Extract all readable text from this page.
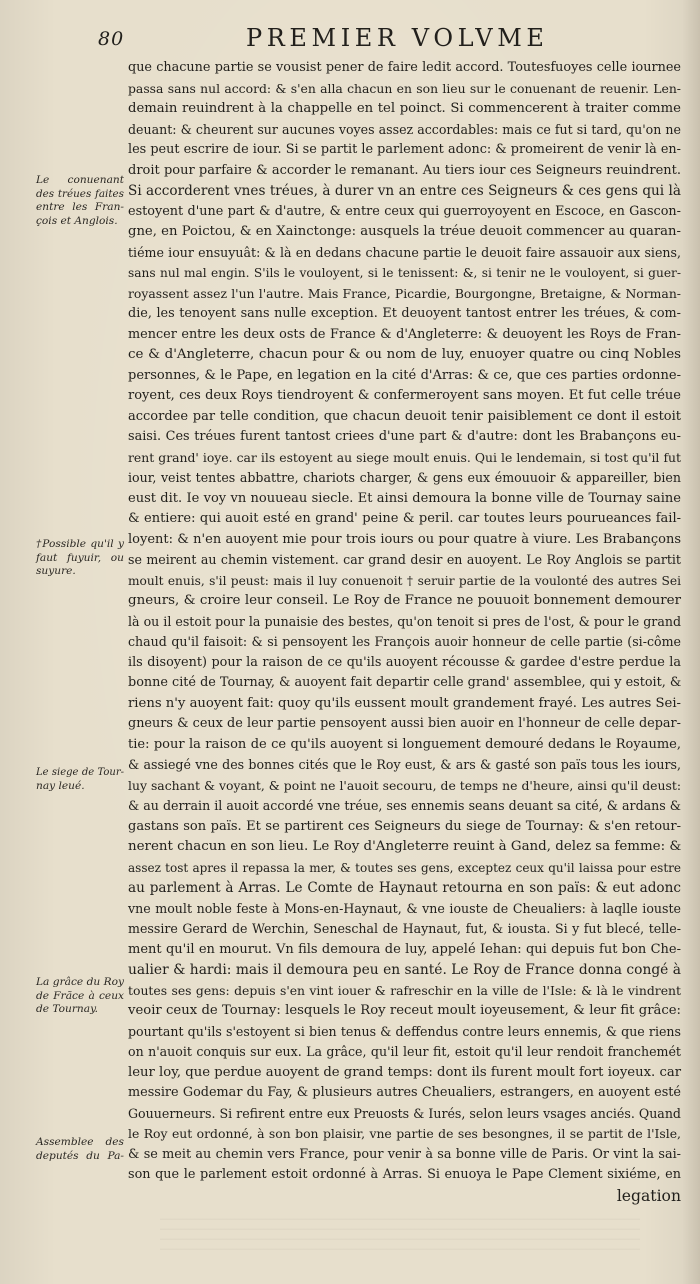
80	PREMIER VOLVME
que chacune partie se vousist pener de faire ledit accord. Toutesfuoyes celle iournee
passa sans nul accord: & s'en alla chacun en son lieu sur le conuenant de reuenir. Len-
demain reuindrent à la chappelle en tel poinct. Si commencerent à traiter comme
deuant: & cheurent sur aucunes voyes assez accordables: mais ce fut si tard, qu'on ne
les peut escrire de iour. Si se partit le parlement adonc: & promeirent de venir là en-
droit pour parfaire & accorder le remanant. Au tiers iour ces Seigneurs reuindrent.
Si accorderent vnes tréues, à durer vn an entre ces Seigneurs & ces gens qui là
estoyent d'une part & d'autre, & entre ceux qui guerroyoyent en Escoce, en Gascon-
gne, en Poictou, & en Xainctonge: ausquels la tréue deuoit commencer au quaran-
tiéme iour ensuyuât: & là en dedans chacune partie le deuoit faire assauoir aux siens,
sans nul mal engin. S'ils le vouloyent, si le tenissent: &, si tenir ne le vouloyent, si guer-
royassent assez l'un l'autre. Mais France, Picardie, Bourgongne, Bretaigne, & Norman-
die, les tenoyent sans nulle exception. Et deuoyent tantost entrer les tréues, & com-
mencer entre les deux osts de France & d'Angleterre: & deuoyent les Roys de Fran-
ce & d'Angleterre, chacun pour & ou nom de luy, enuoyer quatre ou cinq Nobles
personnes, & le Pape, en legation en la cité d'Arras: & ce, que ces parties ordonne-
royent, ces deux Roys tiendroyent & confermeroyent sans moyen. Et fut celle tréue
accordee par telle condition, que chacun deuoit tenir paisiblement ce dont il estoit
saisi. Ces tréues furent tantost criees d'une part & d'autre: dont les Brabançons eu-
rent grand' ioye. car ils estoyent au siege moult enuis. Qui le lendemain, si tost qu'il fut
iour, veist tentes abbattre, chariots charger, & gens eux émouuoir & appareiller, bien
eust dit. Ie voy vn nouueau siecle. Et ainsi demoura la bonne ville de Tournay saine
& entiere: qui auoit esté en grand' peine & peril. car toutes leurs pourueances fail-
loyent: & n'en auoyent mie pour trois iours ou pour quatre à viure. Les Brabançons
se meirent au chemin vistement. car grand desir en auoyent. Le Roy Anglois se partit
moult enuis, s'il peust: mais il luy conuenoit † seruir partie de la voulonté des autres Sei
gneurs, & croire leur conseil. Le Roy de France ne pouuoit bonnement demourer
là ou il estoit pour la punaisie des bestes, qu'on tenoit si pres de l'ost, & pour le grand
chaud qu'il faisoit: & si pensoyent les François auoir honneur de celle partie (si-côme
ils disoyent) pour la raison de ce qu'ils auoyent récousse & gardee d'estre perdue la
bonne cité de Tournay, & auoyent fait departir celle grand' assemblee, qui y estoit, &
riens n'y auoyent fait: quoy qu'ils eussent moult grandement frayé. Les autres Sei-
gneurs & ceux de leur partie pensoyent aussi bien auoir en l'honneur de celle depar-
tie: pour la raison de ce qu'ils auoyent si longuement demouré dedans le Royaume,
& assiegé vne des bonnes cités que le Roy eust, & ars & gasté son païs tous les iours,
luy sachant & voyant, & point ne l'auoit secouru, de temps ne d'heure, ainsi qu'il deust:
& au derrain il auoit accordé vne tréue, ses ennemis seans deuant sa cité, & ardans &
gastans son païs. Et se partirent ces Seigneurs du siege de Tournay: & s'en retour-
nerent chacun en son lieu. Le Roy d'Angleterre reuint à Gand, delez sa femme: &
assez tost apres il repassa la mer, & toutes ses gens, exceptez ceux qu'il laissa pour estre
au parlement à Arras. Le Comte de Haynaut retourna en son païs: & eut adonc
vne moult noble feste à Mons-en-Haynaut, & vne iouste de Cheualiers: à laqlle iouste
messire Gerard de Werchin, Seneschal de Haynaut, fut, & iousta. Si y fut blecé, telle-
ment qu'il en mourut. Vn fils demoura de luy, appelé Iehan: qui depuis fut bon Che-
ualier & hardi: mais il demoura peu en santé. Le Roy de France donna congé à
toutes ses gens: depuis s'en vint iouer & rafreschir en la ville de l'Isle: & là le vindrent
veoir ceux de Tournay: lesquels le Roy receut moult ioyeusement, & leur fit grâce:
pourtant qu'ils s'estoyent si bien tenus & deffendus contre leurs ennemis, & que riens
on n'auoit conquis sur eux. La grâce, qu'il leur fit, estoit qu'il leur rendoit franchemét
leur loy, que perdue auoyent de grand temps: dont ils furent moult fort ioyeux. car
messire Godemar du Fay, & plusieurs autres Cheualiers, estrangers, en auoyent esté
Gouuerneurs. Si refirent entre eux Preuosts & Iurés, selon leurs vsages anciés. Quand
le Roy eut ordonné, à son bon plaisir, vne partie de ses besongnes, il se partit de l'Isle,
& se meit au chemin vers France, pour venir à sa bonne ville de Paris. Or vint la sai-
son que le parlement estoit ordonné à Arras. Si enuoya le Pape Clement sixiéme, en
legation
Le conuenant
des tréues faites
entre les Fran-
çois et Anglois.
†Possible qu'il y
faut fuyuir, ou
suyure.
Le siege de Tour-
nay leué.
La grâce du Roy
de Frãce à ceux
de Tournay.
Assemblee des
deputés du Pa-
